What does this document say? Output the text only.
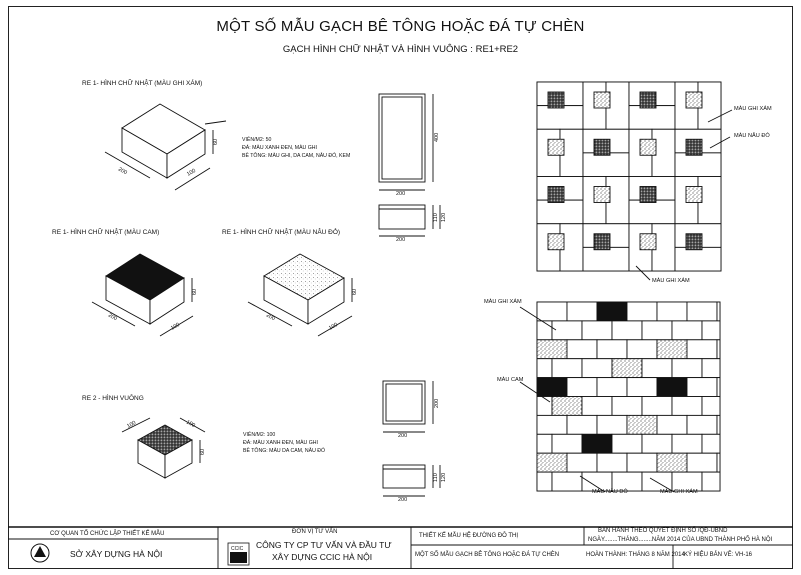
MỘT SỐ MẪU GẠCH BÊ TÔNG HOẶC ĐÁ TỰ CHÈN
GẠCH HÌNH CHỮ NHẬT VÀ HÌNH VUÔNG : RE1+RE2
RE 1- HÌNH CHỮ NHẬT (MÀU GHI XÁM)
RE 1- HÌNH CHỮ NHẬT (MÀU CAM)	RE 1- HÌNH CHỮ NHẬT (MÀU NÂU ĐỎ)
RE 2 - HÌNH VUÔNG
VIÊN/M2: 50
ĐÁ: MÀU XANH ĐEN, MÀU GHI
BÊ TÔNG: MÀU GHI, DA CAM, NÂU ĐỎ, KEM
VIÊN/M2: 100
ĐÁ: MÀU XANH ĐEN, MÀU GHI
BÊ TÔNG: MÀU DA CAM, NÂU ĐỎ
200	100
60
200
100
60
200
100
60
100	100
60
200
400
200
110 120
200
200
200
110 120
CCIC
MÀU GHI XÁM
MÀU NÂU ĐỎ
MÀU GHI XÁM
MÀU GHI XÁM
MÀU CAM
MÀU NÂU ĐỎ	MÀU GHI XÁM
CƠ QUAN TỔ CHỨC LẬP THIẾT KẾ MẪU
SỞ XÂY DỰNG HÀ NỘI
ĐƠN VỊ TƯ VẤN
CÔNG TY CP TƯ VẤN VÀ ĐẦU TƯ
XÂY DỰNG CCIC HÀ NỘI
THIẾT KẾ MẪU HỆ ĐƯỜNG ĐÔ THỊ
BAN HÀNH THEO QUYẾT ĐỊNH SỐ /QĐ-UBND
NGÀY........THÁNG........NĂM 2014 CỦA UBND THÀNH PHỐ HÀ NỘI
MỘT SỐ MẪU GẠCH BÊ TÔNG HOẶC ĐÁ TỰ CHÈN	HOÀN THÀNH: THÁNG 8 NĂM 2014 KÝ HIỆU BẢN VẼ: VH-16
